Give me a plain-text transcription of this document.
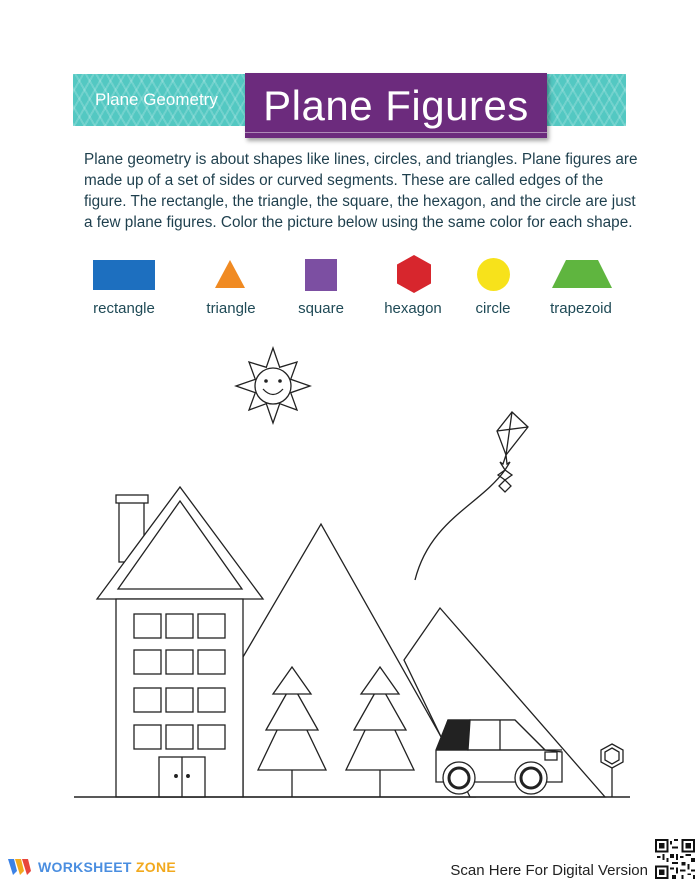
Plane Geometry	Plane Figures

Plane geometry is about shapes like lines, circles, and triangles. Plane figures are made up of a set of sides or curved segments. These are called edges of the figure. The rectangle, the triangle, the square, the hexagon, and the circle are just a few plane figures. Color the picture below using the same color for each shape.

rectangle	triangle	square	hexagon circle	trapezoid
WORKSHEET ZONE	Scan Here For Digital Version
